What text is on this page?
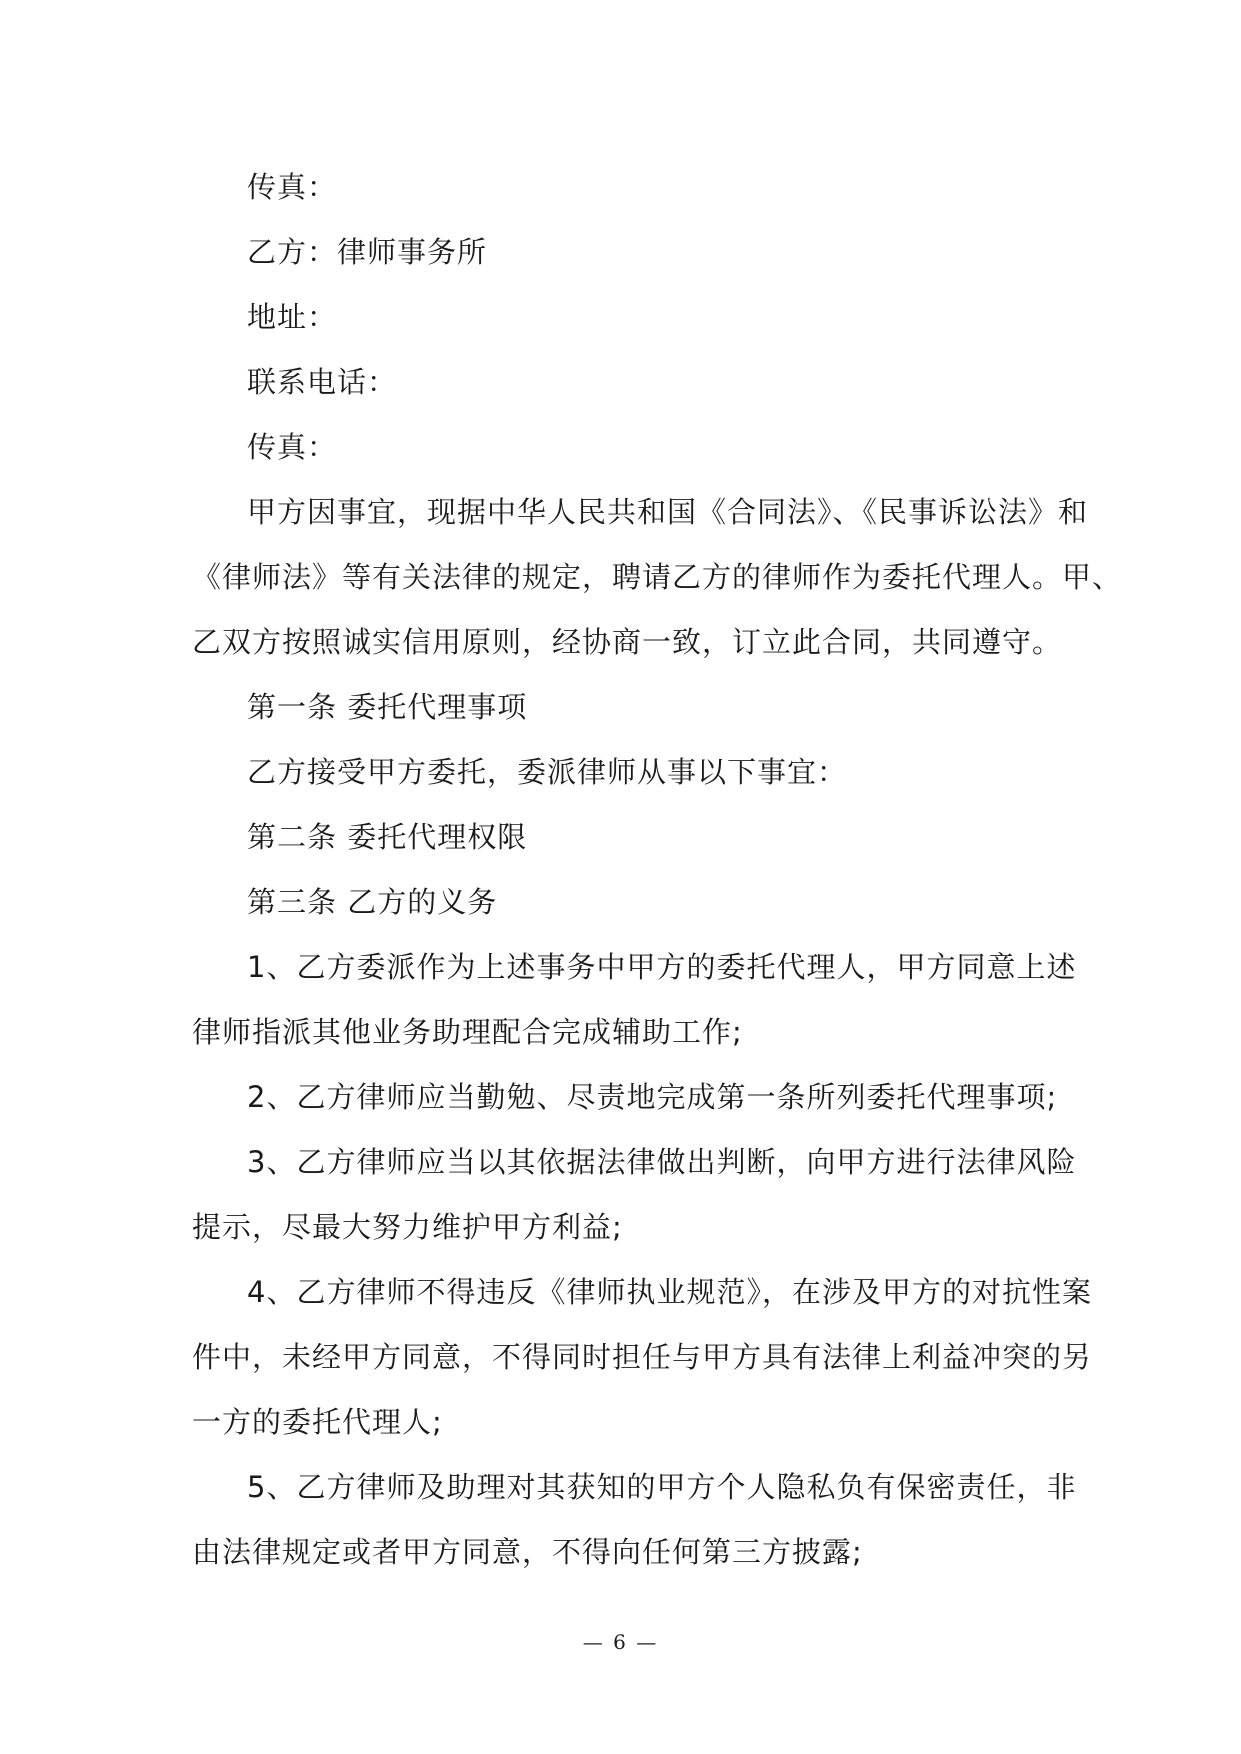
传真：
乙方：律师事务所
地址：
联系电话：
传真：
甲方因事宜，现据中华人民共和国《合同法》、《民事诉讼法》和
《律师法》等有关法律的规定，聘请乙方的律师作为委托代理人。甲、
乙双方按照诚实信用原则，经协商一致，订立此合同，共同遵守。
第一条 委托代理事项
乙方接受甲方委托，委派律师从事以下事宜：
第二条 委托代理权限
第三条 乙方的义务
1、乙方委派作为上述事务中甲方的委托代理人，甲方同意上述
律师指派其他业务助理配合完成辅助工作;
2、乙方律师应当勤勉、尽责地完成第一条所列委托代理事项;
3、乙方律师应当以其依据法律做出判断，向甲方进行法律风险
提示，尽最大努力维护甲方利益;
4、乙方律师不得违反《律师执业规范》，在涉及甲方的对抗性案
件中，未经甲方同意，不得同时担任与甲方具有法律上利益冲突的另
一方的委托代理人;
5、乙方律师及助理对其获知的甲方个人隐私负有保密责任，非
由法律规定或者甲方同意，不得向任何第三方披露;
— 6 —
